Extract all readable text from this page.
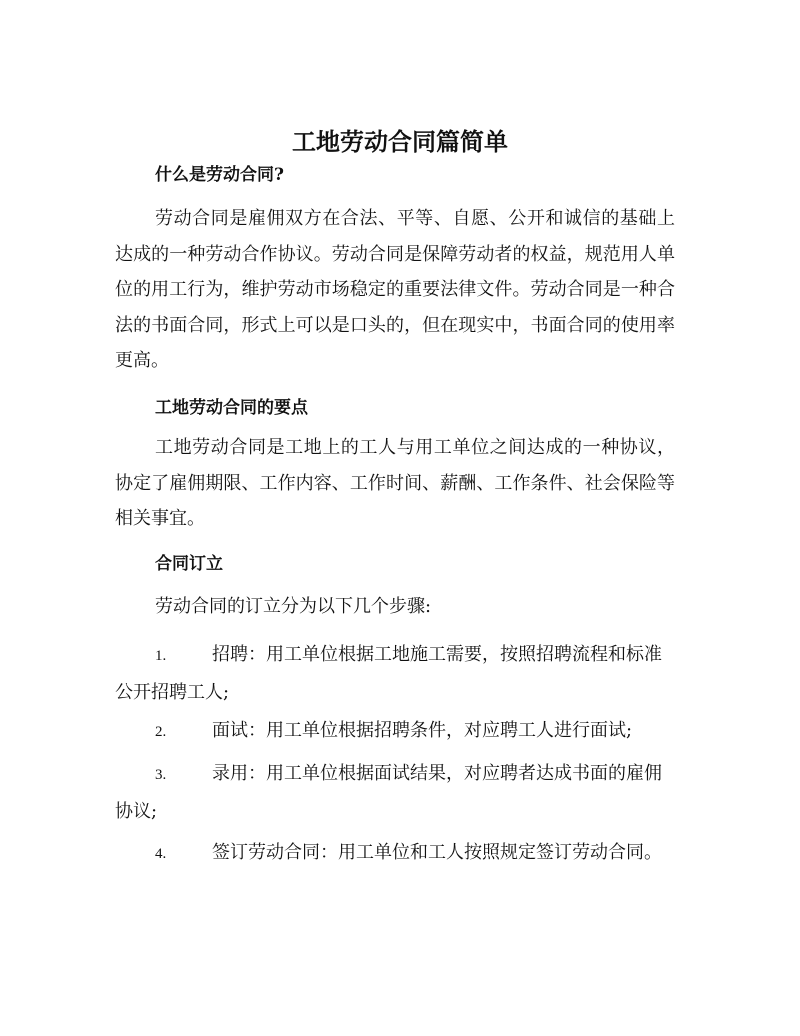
工地劳动合同篇简单
什么是劳动合同?

劳动合同是雇佣双方在合法、平等、自愿、公开和诚信的基础上达成的一种劳动合作协议。劳动合同是保障劳动者的权益，规范用人单位的用工行为，维护劳动市场稳定的重要法律文件。劳动合同是一种合法的书面合同，形式上可以是口头的，但在现实中，书面合同的使用率更高。

工地劳动合同的要点

工地劳动合同是工地上的工人与用工单位之间达成的一种协议，协定了雇佣期限、工作内容、工作时间、薪酬、工作条件、社会保险等相关事宜。

合同订立

劳动合同的订立分为以下几个步骤:

1.	招聘：用工单位根据工地施工需要，按照招聘流程和标准公开招聘工人;
2.	面试：用工单位根据招聘条件，对应聘工人进行面试;
3.	录用：用工单位根据面试结果，对应聘者达成书面的雇佣协议;
4.	签订劳动合同：用工单位和工人按照规定签订劳动合同。
